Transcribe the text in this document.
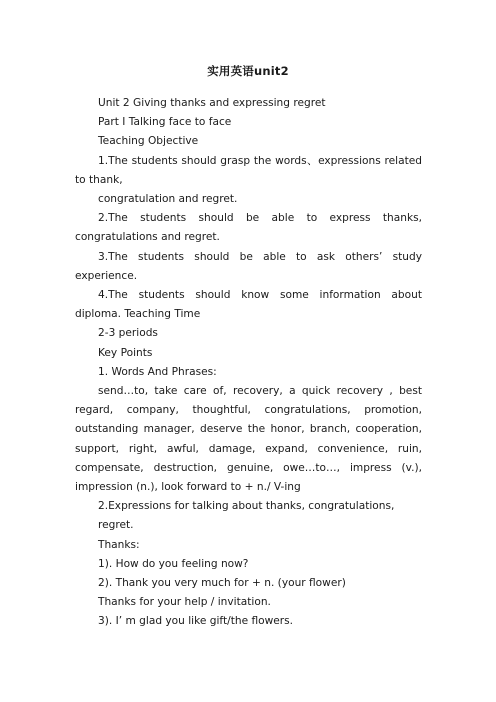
实用英语unit2

Unit 2 Giving thanks and expressing regret

Part I Talking face to face

Teaching Objective

1.The students should grasp the words、expressions related to thank,

congratulation and regret.

2.The students should be able to express thanks, congratulations and regret.

3.The students should be able to ask others’ study experience.

4.The students should know some information about diploma. Teaching Time

2-3 periods

Key Points

1. Words And Phrases:

send…to, take care of, recovery, a quick recovery , best regard, company, thoughtful, congratulations, promotion, outstanding manager, deserve the honor, branch, cooperation, support, right, awful, damage, expand, convenience, ruin, compensate, destruction, genuine, owe…to…, impress (v.), impression (n.), look forward to + n./ V-ing

2.Expressions for talking about thanks, congratulations,

regret.

Thanks:

1). How do you feeling now?

2). Thank you very much for + n. (your flower)

Thanks for your help / invitation.

3). I’ m glad you like gift/the flowers.
